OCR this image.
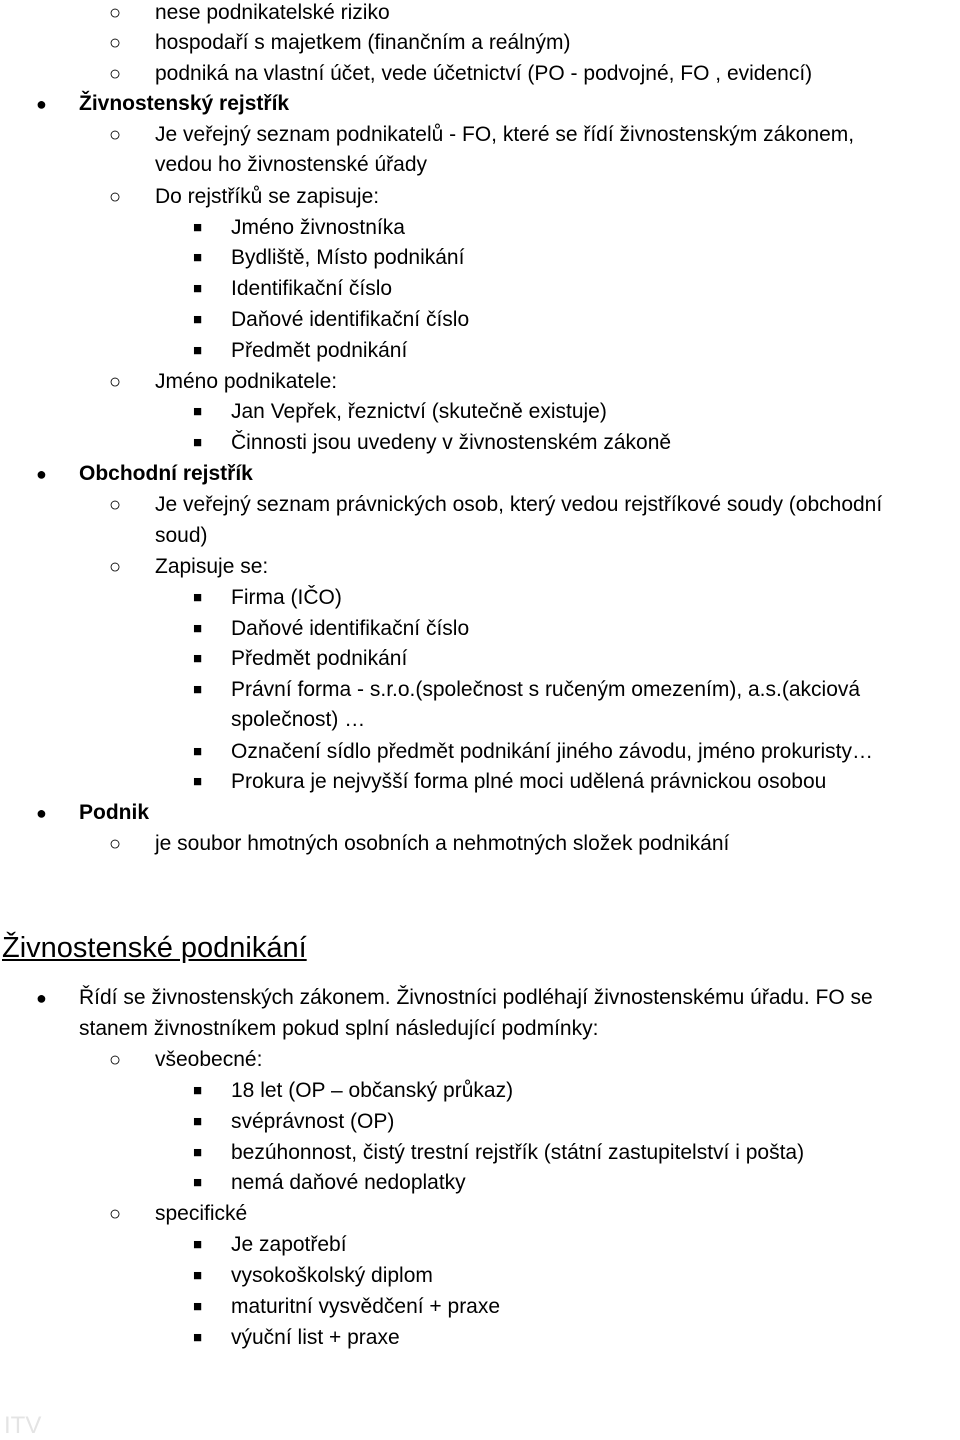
○ nese podnikatelské riziko
○ hospodaří s majetkem (finančním a reálným)
○ podniká na vlastní účet, vede účetnictví (PO - podvojné, FO , evidencí)
● Živnostenský rejstřík
○ Je veřejný seznam podnikatelů - FO, které se řídí živnostenským zákonem,
vedou ho živnostenské úřady
○ Do rejstříků se zapisuje:
■ Jméno živnostníka
■ Bydliště, Místo podnikání
■ Identifikační číslo
■ Daňové identifikační číslo
■ Předmět podnikání
○ Jméno podnikatele:
■ Jan Vepřek, řeznictví (skutečně existuje)
■ Činnosti jsou uvedeny v živnostenském zákoně
● Obchodní rejstřík
○ Je veřejný seznam právnických osob, který vedou rejstříkové soudy (obchodní
soud)
○ Zapisuje se:
■ Firma (IČO)
■ Daňové identifikační číslo
■ Předmět podnikání
■ Právní forma - s.r.o.(společnost s ručeným omezením), a.s.(akciová
společnost) …
■ Označení sídlo předmět podnikání jiného závodu, jméno prokuristy…
■ Prokura je nejvyšší forma plné moci udělená právnickou osobou
● Podnik
○ je soubor hmotných osobních a nehmotných složek podnikání
Živnostenské podnikání
● Řídí se živnostenských zákonem. Živnostníci podléhají živnostenskému úřadu. FO se
stanem živnostníkem pokud splní následující podmínky:
○ všeobecné:
■ 18 let (OP – občanský průkaz)
■ svéprávnost (OP)
■ bezúhonnost, čistý trestní rejstřík (státní zastupitelství i pošta)
■ nemá daňové nedoplatky
○ specifické
■ Je zapotřebí
■ vysokoškolský diplom
■ maturitní vysvědčení + praxe
■ výuční list + praxe
ITV
